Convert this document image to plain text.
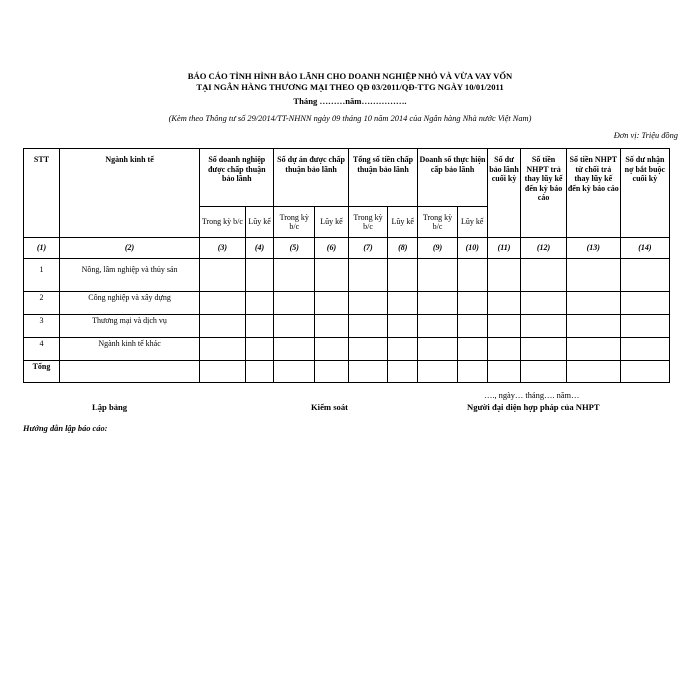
BÁO CÁO TÌNH HÌNH BẢO LÃNH CHO DOANH NGHIỆP NHỎ VÀ VỪA VAY VỐN
TẠI NGÂN HÀNG THƯƠNG MẠI THEO QĐ 03/2011/QĐ-TTG NGÀY 10/01/2011
Tháng ………năm…………….
(Kèm theo Thông tư số 29/2014/TT-NHNN ngày 09 tháng 10 năm 2014 của Ngân hàng Nhà nước Việt Nam)
Đơn vị: Triệu đồng
STT	Ngành kinh tế	Số doanh nghiệp được chấp thuận bảo lãnh		Số dự án được chấp thuận bảo lãnh		Tổng số tiền chấp thuận bảo lãnh		Doanh số thực hiện cấp bảo lãnh		Số dư bảo lãnh cuối kỳ	Số tiền NHPT trả thay lũy kế đến kỳ báo cáo	Số tiền NHPT từ chối trả thay lũy kế đến kỳ báo cáo	Số dư nhận nợ bắt buộc cuối kỳ
		Trong kỳ b/c	Lũy kế	Trong kỳ b/c	Lũy kế	Trong kỳ b/c	Lũy kế	Trong kỳ b/c	Lũy kế				
(1)	(2)	(3)	(4)	(5)	(6)	(7)	(8)	(9)	(10)	(11)	(12)	(13)	(14)
1	Nông, lâm nghiệp và thủy sản												
2	Công nghiệp và xây dựng												
3	Thương mại và dịch vụ												
4	Ngành kinh tế khác												
Tổng													
…., ngày… tháng…. năm…
Lập bảng	Kiểm soát	Người đại diện hợp pháp của NHPT
Hướng dẫn lập báo cáo:
